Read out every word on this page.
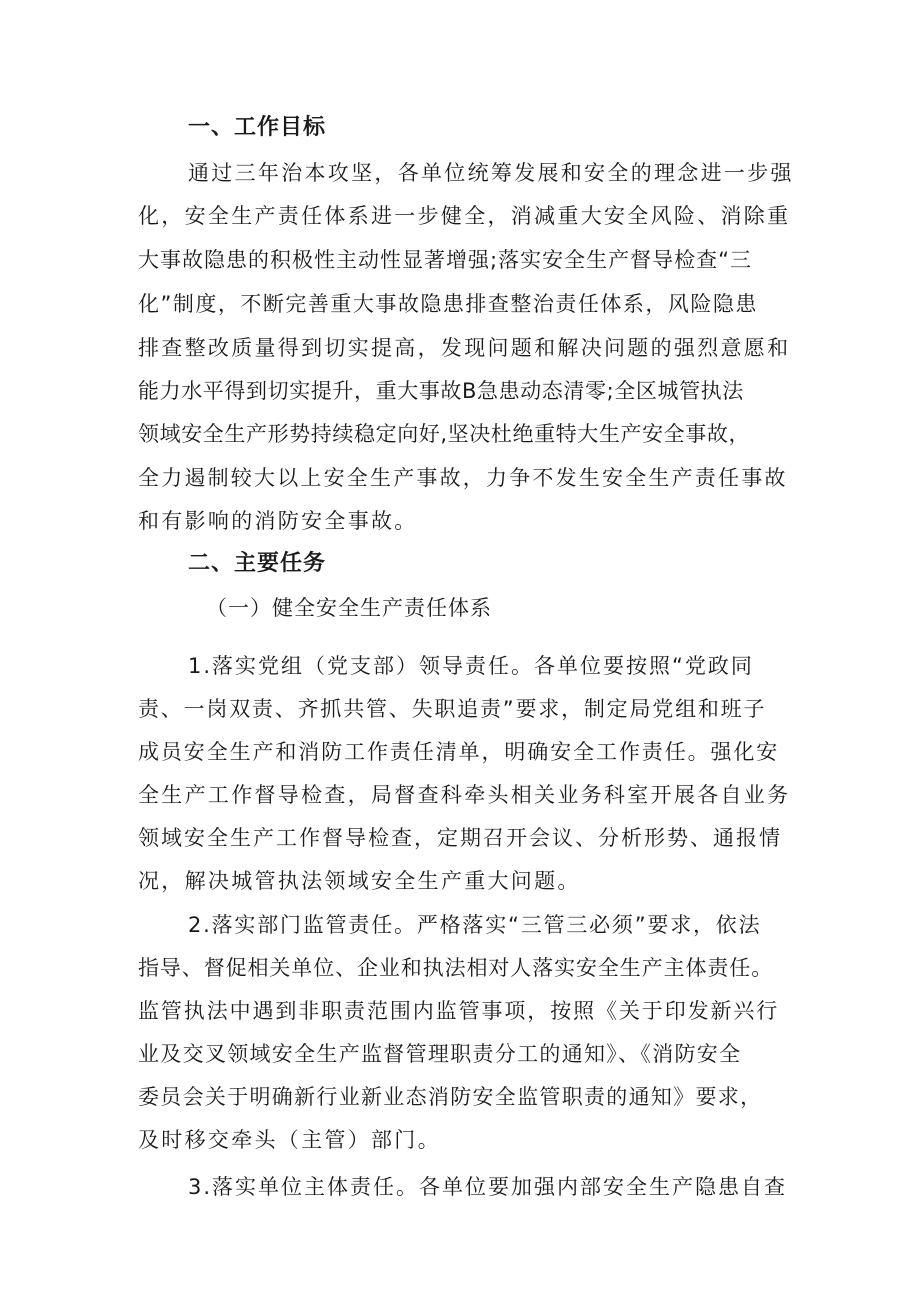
一、工作目标
通过三年治本攻坚，各单位统筹发展和安全的理念进一步强
化，安全生产责任体系进一步健全，消减重大安全风险、消除重
大事故隐患的积极性主动性显著增强;落实安全生产督导检查“三
化”制度，不断完善重大事故隐患排查整治责任体系，风险隐患
排查整改质量得到切实提高，发现问题和解决问题的强烈意愿和
能力水平得到切实提升，重大事故B急患动态清零;全区城管执法
领域安全生产形势持续稳定向好,坚决杜绝重特大生产安全事故，
全力遏制较大以上安全生产事故，力争不发生安全生产责任事故
和有影响的消防安全事故。
二、主要任务
（一）健全安全生产责任体系
1.落实党组（党支部）领导责任。各单位要按照“党政同
责、一岗双责、齐抓共管、失职追责”要求，制定局党组和班子
成员安全生产和消防工作责任清单，明确安全工作责任。强化安
全生产工作督导检查，局督查科牵头相关业务科室开展各自业务
领域安全生产工作督导检查，定期召开会议、分析形势、通报情
况，解决城管执法领域安全生产重大问题。
2.落实部门监管责任。严格落实“三管三必须”要求，依法
指导、督促相关单位、企业和执法相对人落实安全生产主体责任。
监管执法中遇到非职责范围内监管事项，按照《关于印发新兴行
业及交叉领域安全生产监督管理职责分工的通知》、《消防安全
委员会关于明确新行业新业态消防安全监管职责的通知》要求，
及时移交牵头（主管）部门。
3.落实单位主体责任。各单位要加强内部安全生产隐患自查
